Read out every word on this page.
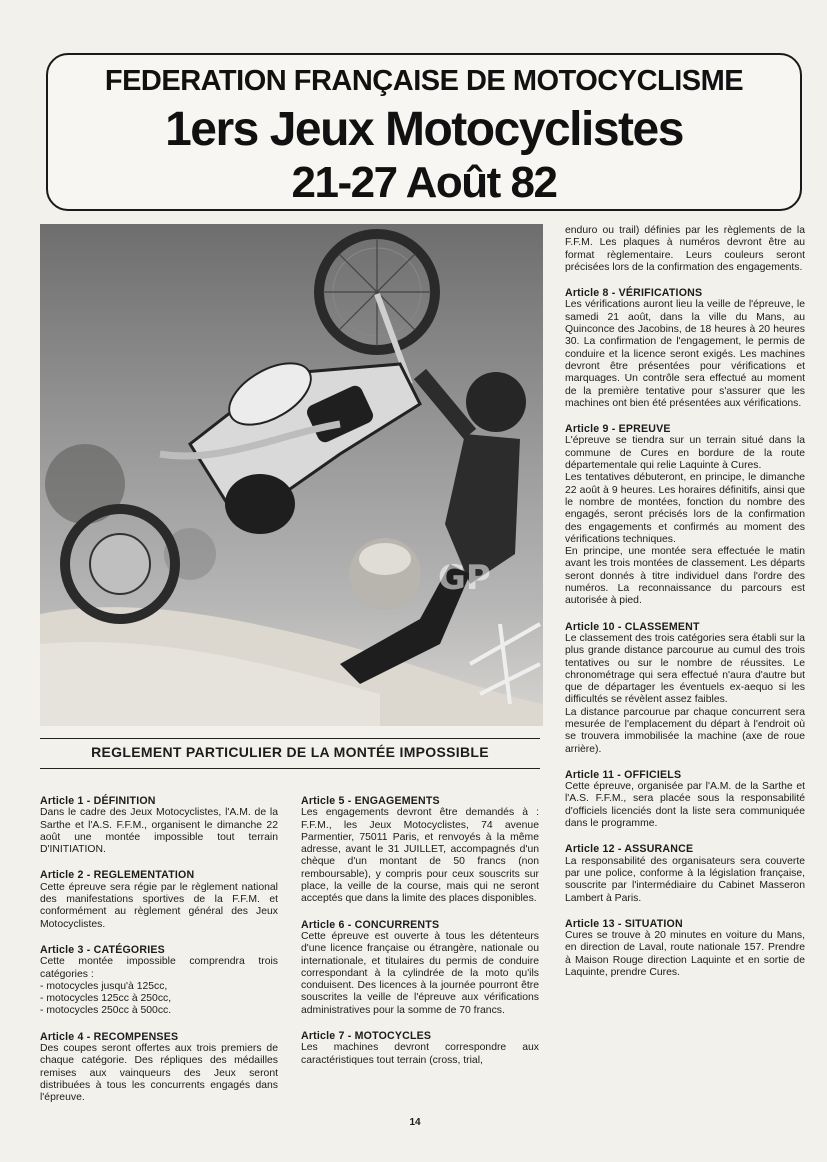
FEDERATION FRANÇAISE DE MOTOCYCLISME
1ers Jeux Motocyclistes
21-27 Août 82
GP
REGLEMENT PARTICULIER DE LA MONTÉE IMPOSSIBLE
Article 1 - DÉFINITION

Dans le cadre des Jeux Motocyclistes, l'A.M. de la Sarthe et l'A.S. F.F.M., organisent le dimanche 22 août une montée impossible tout terrain D'INITIATION.

Article 2 - REGLEMENTATION

Cette épreuve sera régie par le règlement national des manifestations sportives de la F.F.M. et conformément au règlement général des Jeux Motocyclistes.

Article 3 - CATÉGORIES

Cette montée impossible comprendra trois catégories :

- motocycles jusqu'à 125cc,

- motocycles 125cc à 250cc,

- motocycles 250cc à 500cc.

Article 4 - RECOMPENSES

Des coupes seront offertes aux trois premiers de chaque catégorie. Des répliques des médailles remises aux vainqueurs des Jeux seront distribuées à tous les concurrents engagés dans l'épreuve.

Article 5 - ENGAGEMENTS

Les engagements devront être demandés à : F.F.M., les Jeux Motocyclistes, 74 avenue Parmentier, 75011 Paris, et renvoyés à la même adresse, avant le 31 JUILLET, accompagnés d'un chèque d'un montant de 50 francs (non remboursable), y compris pour ceux souscrits sur place, la veille de la course, mais qui ne seront acceptés que dans la limite des places disponibles.

Article 6 - CONCURRENTS

Cette épreuve est ouverte à tous les détenteurs d'une licence française ou étrangère, nationale ou internationale, et titulaires du permis de conduire correspondant à la cylindrée de la moto qu'ils conduisent. Des licences à la journée pourront être souscrites la veille de l'épreuve aux vérifications administratives pour la somme de 70 francs.

Article 7 - MOTOCYCLES

Les machines devront correspondre aux caractéristiques tout terrain (cross, trial,

enduro ou trail) définies par les règlements de la F.F.M. Les plaques à numéros devront être au format règlementaire. Leurs couleurs seront précisées lors de la confirmation des engagements.

Article 8 - VÉRIFICATIONS

Les vérifications auront lieu la veille de l'épreuve, le samedi 21 août, dans la ville du Mans, au Quinconce des Jacobins, de 18 heures à 20 heures 30. La confirmation de l'engagement, le permis de conduire et la licence seront exigés. Les machines devront être présentées pour vérifications et marquages. Un contrôle sera effectué au moment de la première tentative pour s'assurer que les machines ont bien été présentées aux vérifications.

Article 9 - EPREUVE

L'épreuve se tiendra sur un terrain situé dans la commune de Cures en bordure de la route départementale qui relie Laquinte à Cures.

Les tentatives débuteront, en principe, le dimanche 22 août à 9 heures. Les horaires définitifs, ainsi que le nombre de montées, fonction du nombre des engagés, seront précisés lors de la confirmation des engagements et confirmés au moment des vérifications techniques.

En principe, une montée sera effectuée le matin avant les trois montées de classement. Les départs seront donnés à titre individuel dans l'ordre des numéros. La reconnaissance du parcours est autorisée à pied.

Article 10 - CLASSEMENT

Le classement des trois catégories sera établi sur la plus grande distance parcourue au cumul des trois tentatives ou sur le nombre de réussites. Le chronométrage qui sera effectué n'aura d'autre but que de départager les éventuels ex-aequo si les difficultés se révèlent assez faibles.

La distance parcourue par chaque concurrent sera mesurée de l'emplacement du départ à l'endroit où se trouvera immobilisée la machine (axe de roue arrière).

Article 11 - OFFICIELS

Cette épreuve, organisée par l'A.M. de la Sarthe et l'A.S. F.F.M., sera placée sous la responsabilité d'officiels licenciés dont la liste sera communiquée dans le programme.

Article 12 - ASSURANCE

La responsabilité des organisateurs sera couverte par une police, conforme à la législation française, souscrite par l'intermédiaire du Cabinet Masseron Lambert à Paris.

Article 13 - SITUATION

Cures se trouve à 20 minutes en voiture du Mans, en direction de Laval, route nationale 157. Prendre à Maison Rouge direction Laquinte et en sortie de Laquinte, prendre Cures.

14
